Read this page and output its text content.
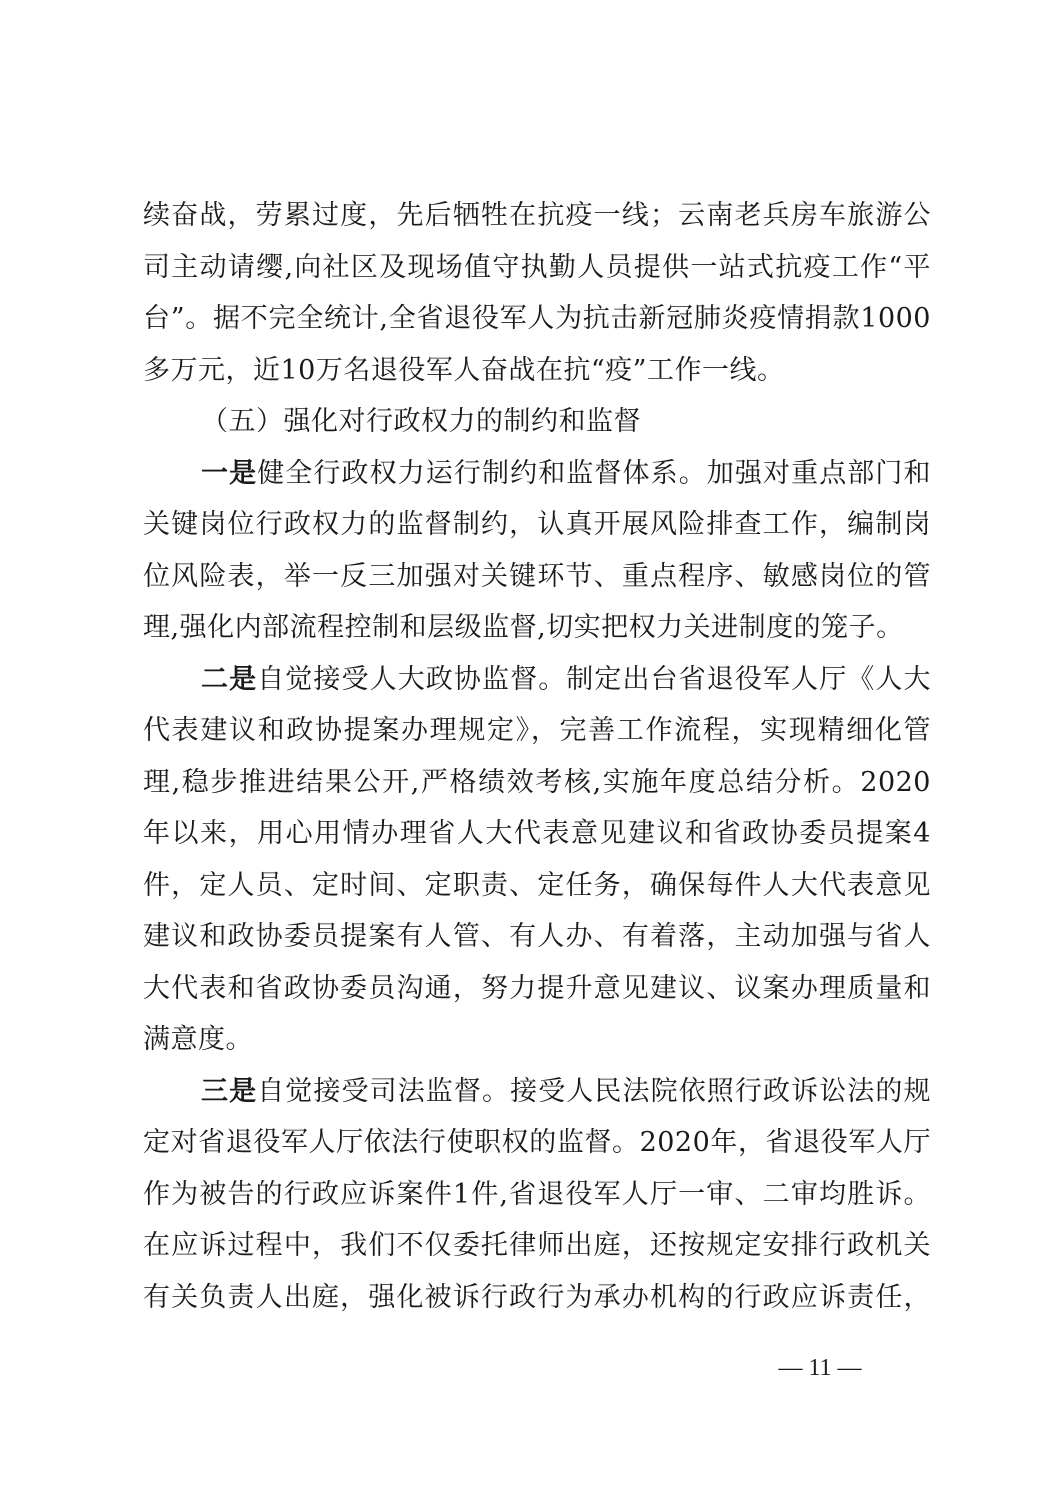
续奋战，劳累过度，先后牺牲在抗疫一线；云南老兵房车旅游公
司主动请缨,向社区及现场值守执勤人员提供一站式抗疫工作“平
台”。据不完全统计,全省退役军人为抗击新冠肺炎疫情捐款1000
多万元，近10万名退役军人奋战在抗“疫”工作一线。
（五）强化对行政权力的制约和监督
一是健全行政权力运行制约和监督体系。加强对重点部门和
关键岗位行政权力的监督制约，认真开展风险排查工作，编制岗
位风险表，举一反三加强对关键环节、重点程序、敏感岗位的管
理,强化内部流程控制和层级监督,切实把权力关进制度的笼子。
二是自觉接受人大政协监督。制定出台省退役军人厅《人大
代表建议和政协提案办理规定》，完善工作流程，实现精细化管
理,稳步推进结果公开,严格绩效考核,实施年度总结分析。2020
年以来，用心用情办理省人大代表意见建议和省政协委员提案4
件，定人员、定时间、定职责、定任务，确保每件人大代表意见
建议和政协委员提案有人管、有人办、有着落，主动加强与省人
大代表和省政协委员沟通，努力提升意见建议、议案办理质量和
满意度。
三是自觉接受司法监督。接受人民法院依照行政诉讼法的规
定对省退役军人厅依法行使职权的监督。2020年，省退役军人厅
作为被告的行政应诉案件1件,省退役军人厅一审、二审均胜诉。
在应诉过程中，我们不仅委托律师出庭，还按规定安排行政机关
有关负责人出庭，强化被诉行政行为承办机构的行政应诉责任，
— 11 —
